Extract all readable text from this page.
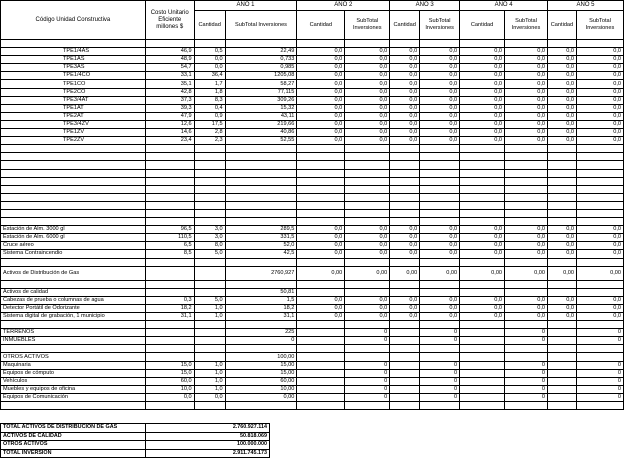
Código Unidad Constructiva	Costo Unitario Eficiente millones $	AÑO 1		AÑO 2		AÑO 3		AÑO 4		AÑO 5	
		Cantidad	SubTotal Inversiones	Cantidad	SubTotal Inversiones	Cantidad	SubTotal Inversiones	Cantidad	SubTotal Inversiones	Cantidad	SubTotal Inversiones

TPE1/4AS	46,9	0,5	22,49	0,0	0,0	0,0	0,0	0,0	0,0	0,0	0,0
TPE1AS	48,9	0,0	0,733	0,0	0,0	0,0	0,0	0,0	0,0	0,0	0,0
TPE3AS	54,7	0,0	0,985	0,0	0,0	0,0	0,0	0,0	0,0	0,0	0,0
TPE1/4CO	33,1	36,4	1205,08	0,0	0,0	0,0	0,0	0,0	0,0	0,0	0,0
TPE1CO	35,1	1,7	58,27	0,0	0,0	0,0	0,0	0,0	0,0	0,0	0,0
TPE2CO	42,8	1,8	77,115	0,0	0,0	0,0	0,0	0,0	0,0	0,0	0,0
TPE3/4AT	37,3	8,3	309,26	0,0	0,0	0,0	0,0	0,0	0,0	0,0	0,0
TPE1AT	39,3	0,4	15,32	0,0	0,0	0,0	0,0	0,0	0,0	0,0	0,0
TPE2AT	47,9	0,9	43,11	0,0	0,0	0,0	0,0	0,0	0,0	0,0	0,0
TPE3/4ZV	12,6	17,5	219,66	0,0	0,0	0,0	0,0	0,0	0,0	0,0	0,0
TPE1ZV	14,6	2,8	40,86	0,0	0,0	0,0	0,0	0,0	0,0	0,0	0,0
TPE2ZV	23,4	2,3	52,55	0,0	0,0	0,0	0,0	0,0	0,0	0,0	0,0

Estación de Alm. 3000 gl	96,5	3,0	289,5	0,0	0,0	0,0	0,0	0,0	0,0	0,0	0,0
Estación de Alm. 6000 gl	110,5	3,0	331,5	0,0	0,0	0,0	0,0	0,0	0,0	0,0	0,0
Cruce aéreo	6,5	8,0	52,0	0,0	0,0	0,0	0,0	0,0	0,0	0,0	0,0
Sistema Contraincendio	8,5	5,0	42,5	0,0	0,0	0,0	0,0	0,0	0,0	0,0	0,0

Activos de Distribución de Gas			2760,927	0,00	0,00	0,00	0,00	0,00	0,00	0,00	0,00

Activos de calidad			50,81								
Cabezas de prueba o columnas de agua	0,3	5,0	1,5	0,0	0,0	0,0	0,0	0,0	0,0	0,0	0,0
Detector Portátil de Odorizante	18,2	1,0	18,2	0,0	0,0	0,0	0,0	0,0	0,0	0,0	0,0
Sistema digital de grabación, 1 municipio	31,1	1,0	31,1	0,0	0,0	0,0	0,0	0,0	0,0	0,0	0,0

TERRENOS			225		0		0		0		0
INMUEBLES			0		0		0		0		0

OTROS ACTIVOS			100,00								
Maquinaria	15,0	1,0	15,00		0		0		0		0
Equipos de cómputo	15,0	1,0	15,00		0		0		0		0
Vehículos	60,0	1,0	60,00		0		0		0		0
Muebles y equipos de oficina	10,0	1,0	10,00		0		0		0		0
Equipos de Comunicación	0,0	0,0	0,00		0		0		0		0

TOTAL ACTIVOS DE DISTRIBUCIÓN DE GAS	2.760.927.114
ACTIVOS DE CALIDAD	50.818.069
OTROS ACTIVOS	100.000.000
TOTAL INVERSIÓN	2.911.745.173
